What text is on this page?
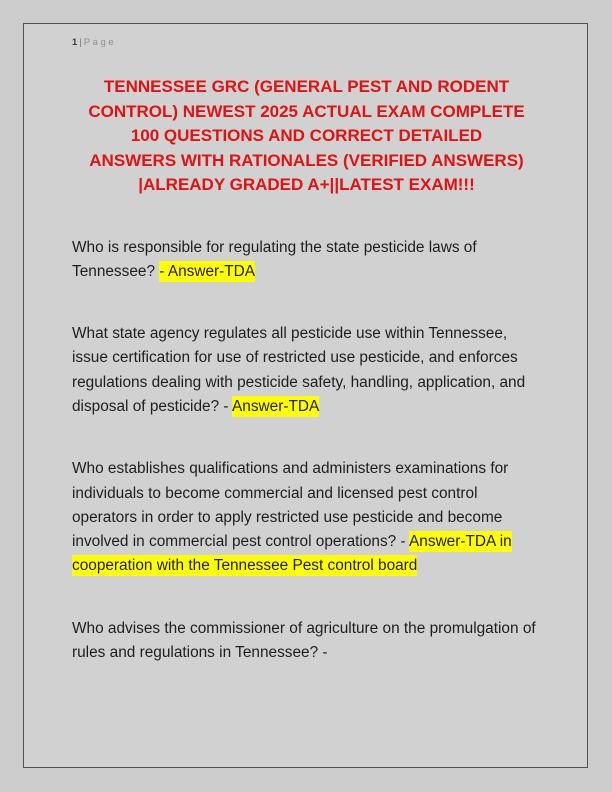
1 | P a g e
TENNESSEE GRC (GENERAL PEST AND RODENT
CONTROL) NEWEST 2025 ACTUAL EXAM COMPLETE
100 QUESTIONS AND CORRECT DETAILED
ANSWERS WITH RATIONALES (VERIFIED ANSWERS)
|ALREADY GRADED A+||LATEST EXAM!!!

Who is responsible for regulating the state pesticide laws of Tennessee? - Answer-TDA

What state agency regulates all pesticide use within Tennessee, issue certification for use of restricted use pesticide, and enforces regulations dealing with pesticide safety, handling, application, and disposal of pesticide? - Answer-TDA

Who establishes qualifications and administers examinations for individuals to become commercial and licensed pest control operators in order to apply restricted use pesticide and become involved in commercial pest control operations? - Answer-TDA in cooperation with the Tennessee Pest control board

Who advises the commissioner of agriculture on the promulgation of rules and regulations in Tennessee? -
